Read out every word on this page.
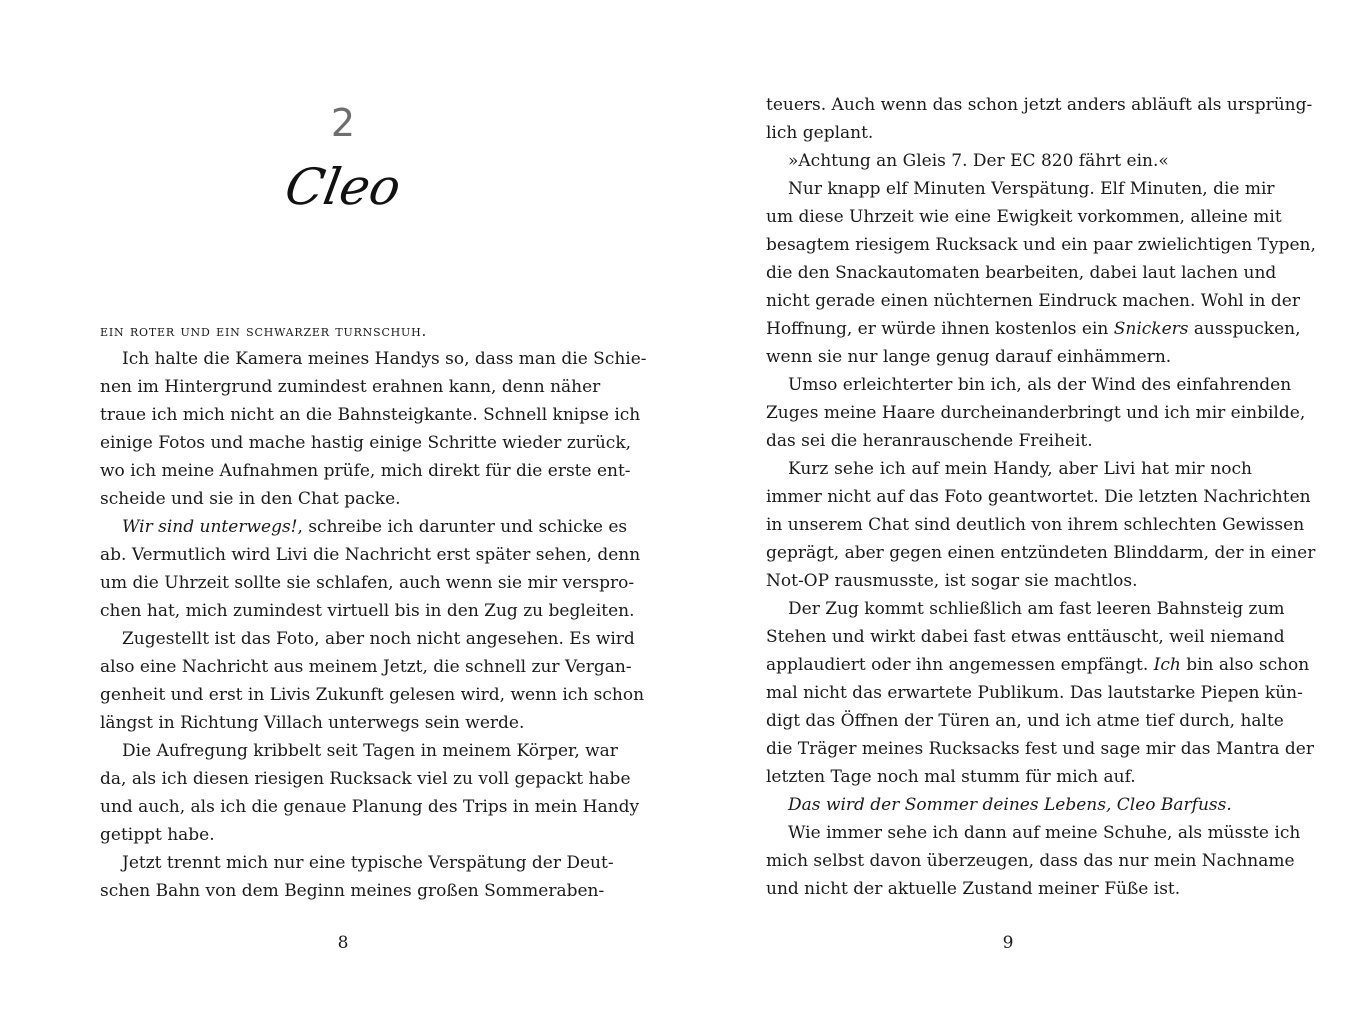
2
Cleo
ein roter und ein schwarzer turnschuh.
Ich halte die Kamera meines Handys so, dass man die Schie-
nen im Hintergrund zumindest erahnen kann, denn näher
traue ich mich nicht an die Bahnsteigkante. Schnell knipse ich
einige Fotos und mache hastig einige Schritte wieder zurück,
wo ich meine Aufnahmen prüfe, mich direkt für die erste ent-
scheide und sie in den Chat packe.
Wir sind unterwegs!, schreibe ich darunter und schicke es
ab. Vermutlich wird Livi die Nachricht erst später sehen, denn
um die Uhrzeit sollte sie schlafen, auch wenn sie mir verspro-
chen hat, mich zumindest virtuell bis in den Zug zu begleiten.
Zugestellt ist das Foto, aber noch nicht angesehen. Es wird
also eine Nachricht aus meinem Jetzt, die schnell zur Vergan-
genheit und erst in Livis Zukunft gelesen wird, wenn ich schon
längst in Richtung Villach unterwegs sein werde.
Die Aufregung kribbelt seit Tagen in meinem Körper, war
da, als ich diesen riesigen Rucksack viel zu voll gepackt habe
und auch, als ich die genaue Planung des Trips in mein Handy
getippt habe.
Jetzt trennt mich nur eine typische Verspätung der Deut-
schen Bahn von dem Beginn meines großen Sommeraben-
8
teuers. Auch wenn das schon jetzt anders abläuft als ursprüng-
lich geplant.
»Achtung an Gleis 7. Der EC 820 fährt ein.«
Nur knapp elf Minuten Verspätung. Elf Minuten, die mir
um diese Uhrzeit wie eine Ewigkeit vorkommen, alleine mit
besagtem riesigem Rucksack und ein paar zwielichtigen Typen,
die den Snackautomaten bearbeiten, dabei laut lachen und
nicht gerade einen nüchternen Eindruck machen. Wohl in der
Hoffnung, er würde ihnen kostenlos ein Snickers ausspucken,
wenn sie nur lange genug darauf einhämmern.
Umso erleichterter bin ich, als der Wind des einfahrenden
Zuges meine Haare durcheinanderbringt und ich mir einbilde,
das sei die heranrauschende Freiheit.
Kurz sehe ich auf mein Handy, aber Livi hat mir noch
immer nicht auf das Foto geantwortet. Die letzten Nachrichten
in unserem Chat sind deutlich von ihrem schlechten Gewissen
geprägt, aber gegen einen entzündeten Blinddarm, der in einer
Not-OP rausmusste, ist sogar sie machtlos.
Der Zug kommt schließlich am fast leeren Bahnsteig zum
Stehen und wirkt dabei fast etwas enttäuscht, weil niemand
applaudiert oder ihn angemessen empfängt. Ich bin also schon
mal nicht das erwartete Publikum. Das lautstarke Piepen kün-
digt das Öffnen der Türen an, und ich atme tief durch, halte
die Träger meines Rucksacks fest und sage mir das Mantra der
letzten Tage noch mal stumm für mich auf.
Das wird der Sommer deines Lebens, Cleo Barfuss.
Wie immer sehe ich dann auf meine Schuhe, als müsste ich
mich selbst davon überzeugen, dass das nur mein Nachname
und nicht der aktuelle Zustand meiner Füße ist.
9
